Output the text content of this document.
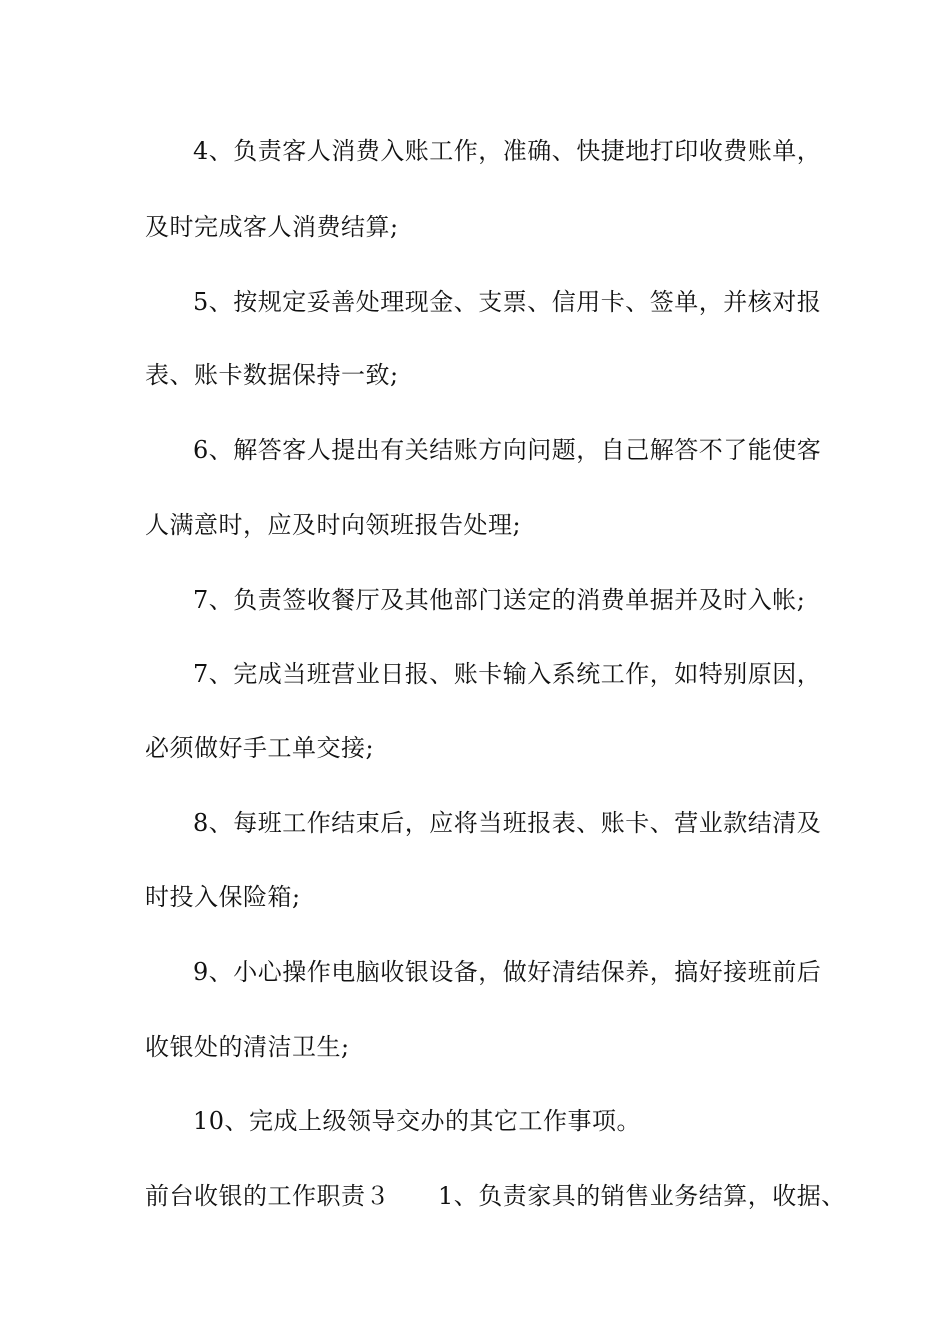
4、负责客人消费入账工作，准确、快捷地打印收费账单，
及时完成客人消费结算;
5、按规定妥善处理现金、支票、信用卡、签单，并核对报
表、账卡数据保持一致;
6、解答客人提出有关结账方向问题，自己解答不了能使客
人满意时，应及时向领班报告处理;
7、负责签收餐厅及其他部门送定的消费单据并及时入帐;
7、完成当班营业日报、账卡输入系统工作，如特别原因，
必须做好手工单交接;
8、每班工作结束后，应将当班报表、账卡、营业款结清及
时投入保险箱;
9、小心操作电脑收银设备，做好清结保养，搞好接班前后
收银处的清洁卫生;
10、完成上级领导交办的其它工作事项。
前台收银的工作职责３ 1、负责家具的销售业务结算，收据、
